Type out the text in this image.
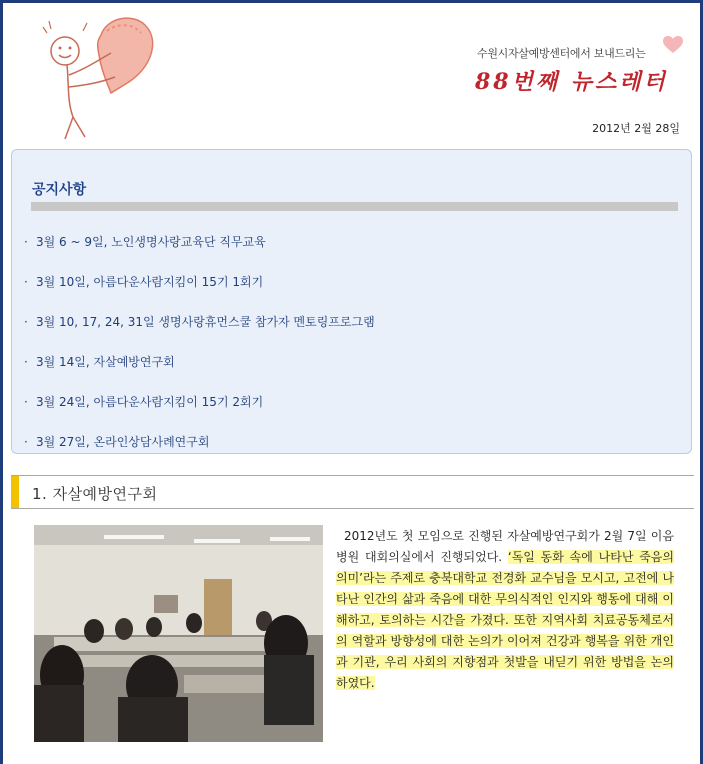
수원시자살예방센터에서 보내드리는
88번째 뉴스레터
2012년 2월 28일
공지사항
· 3월 6 ~ 9일, 노인생명사랑교육단 직무교육
· 3월 10일, 아름다운사람지킴이 15기 1회기
· 3월 10, 17, 24, 31일 생명사랑휴먼스쿨 참가자 멘토링프로그램
· 3월 14일, 자살예방연구회
· 3월 24일, 아름다운사람지킴이 15기 2회기
· 3월 27일, 온라인상담사례연구회
1. 자살예방연구회
2012년도 첫 모임으로 진행된 자살예방연구회가 2월 7일 이음병원 대회의실에서 진행되었다. ‘독일 동화 속에 나타난 죽음의 의미’라는 주제로 충북대학교 전경화 교수님을 모시고, 고전에 나타난 인간의 삶과 죽음에 대한 무의식적인 인지와 행동에 대해 이해하고, 토의하는 시간을 가졌다. 또한 지역사회 치료공동체로서의 역할과 방향성에 대한 논의가 이어져 건강과 행복을 위한 개인과 기관, 우리 사회의 지향점과 첫발을 내딛기 위한 방법을 논의하였다.
